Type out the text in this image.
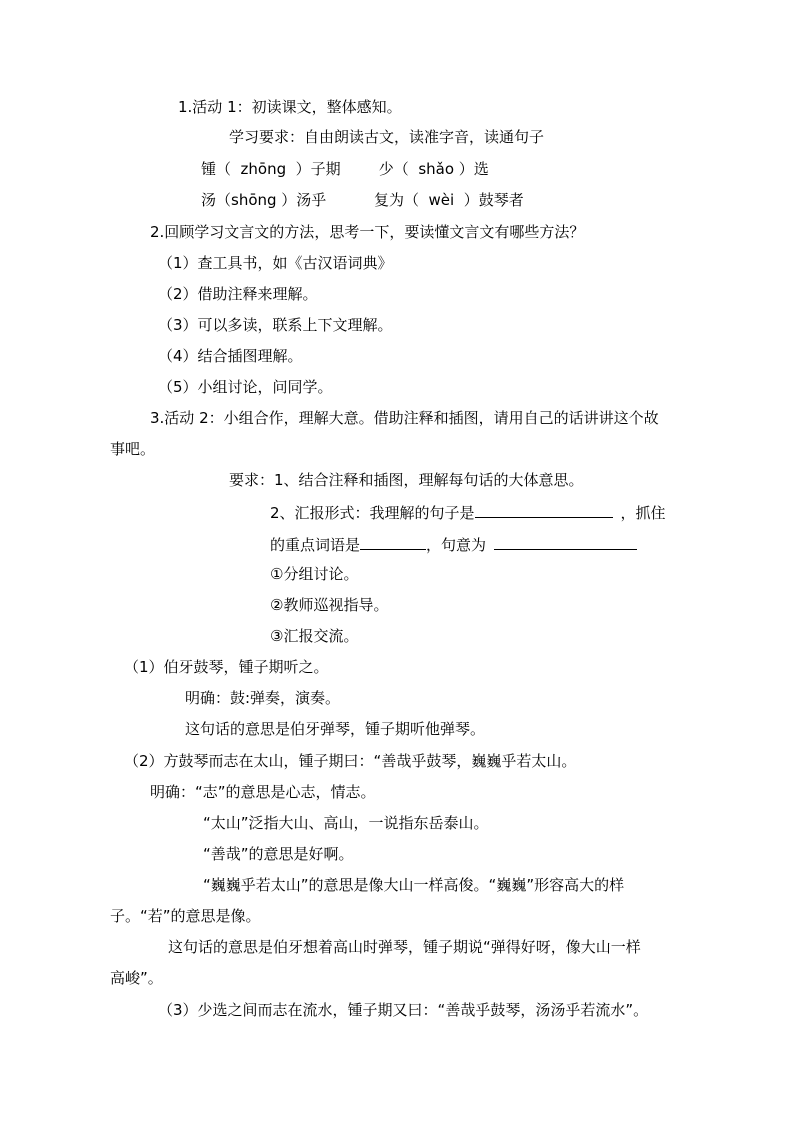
1.活动 1：初读课文，整体感知。
学习要求：自由朗读古文，读准字音，读通句子
锺（  zhōng  ）子期        少（  shǎo ）选
汤（shōng ）汤乎          复为（  wèi  ）鼓琴者
2.回顾学习文言文的方法，思考一下，要读懂文言文有哪些方法？
（1）查工具书，如《古汉语词典》
（2）借助注释来理解。
（3）可以多读，联系上下文理解。
（4）结合插图理解。
（5）小组讨论，问同学。
3.活动 2：小组合作，理解大意。借助注释和插图，请用自己的话讲讲这个故
事吧。
要求：1、结合注释和插图，理解每句话的大体意思。
2、汇报形式：我理解的句子是	，抓住
的重点词语是	，句意为
①分组讨论。
②教师巡视指导。
③汇报交流。
（1）伯牙鼓琴，锺子期听之。
明确：鼓:弹奏，演奏。
这句话的意思是伯牙弹琴，锺子期听他弹琴。
（2）方鼓琴而志在太山，锺子期曰：“善哉乎鼓琴，巍巍乎若太山。
明确：“志”的意思是心志，情志。
“太山”泛指大山、高山，一说指东岳泰山。
“善哉”的意思是好啊。
“巍巍乎若太山”的意思是像大山一样高俊。“巍巍”形容高大的样
子。“若”的意思是像。
这句话的意思是伯牙想着高山时弹琴，锺子期说“弹得好呀，像大山一样
高峻”。
（3）少选之间而志在流水，锺子期又曰：“善哉乎鼓琴，汤汤乎若流水”。
